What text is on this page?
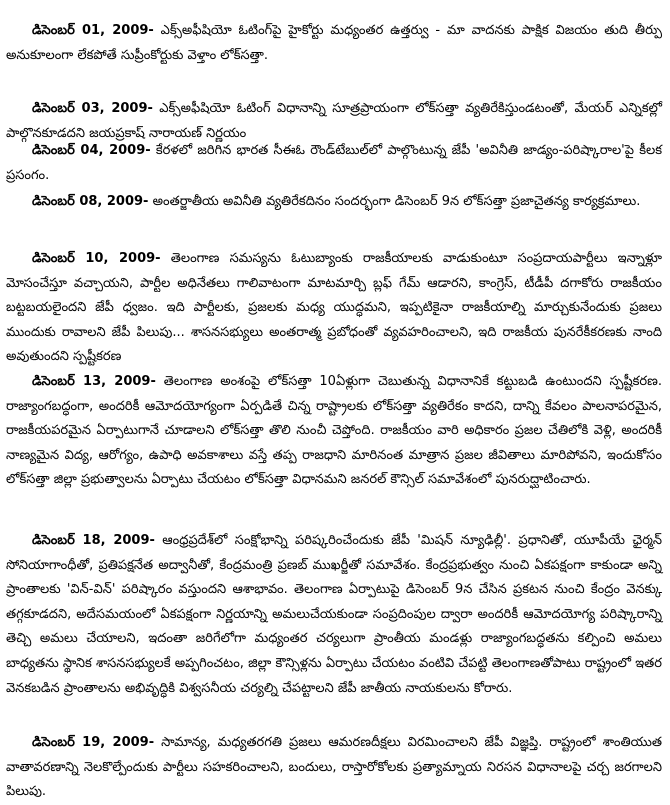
డిసెంబర్ 01, 2009- ఎక్స్‌అఫీషియో ఓటింగ్‌పై హైకోర్టు మధ్యంతర ఉత్తర్వు - మా వాదనకు పాక్షిక విజయం తుది తీర్పు అనుకూలంగా లేకపోతే సుప్రీంకోర్టుకు వెళ్తాం లోక్‌సత్తా.

డిసెంబర్ 03, 2009- ఎక్స్‌అఫీషియో ఓటింగ్ విధానాన్ని సూత్రప్రాయంగా లోక్‌సత్తా వ్యతిరేకిస్తుండటంతో, మేయర్ ఎన్నికల్లో పాల్గొనకూడదని జయప్రకాష్ నారాయణ్ నిర్ణయం

డిసెంబర్ 04, 2009- కేరళలో జరిగిన భారత సీఈఓ రౌండ్‌టేబుల్‌లో పాల్గొంటున్న జేపీ 'అవినీతి జాడ్యం-పరిష్కారాల'పై కీలక ప్రసంగం.

డిసెంబర్ 08, 2009- అంతర్జాతీయ అవినీతి వ్యతిరేకదినం సందర్భంగా డిసెంబర్ 9న లోక్‌సత్తా ప్రజాచైతన్య కార్యక్రమాలు.

డిసెంబర్ 10, 2009- తెలంగాణ సమస్యను ఓటుబ్యాంకు రాజకీయాలకు వాడుకుంటూ సంప్రదాయపార్టీలు ఇన్నాళ్లూ మోసంచేస్తూ వచ్చాయని, పార్టీల అధినేతలు గాలివాటంగా మాటమార్చి బ్లఫ్ గేమ్ ఆడారని, కాంగ్రెస్, టీడీపీ దగాకోరు రాజకీయం బట్టబయలైందని జేపీ ధ్వజం. ఇది పార్టీలకు, ప్రజలకు మధ్య యుద్ధమని, ఇప్పటికైనా రాజకీయాల్ని మార్చుకునేందుకు ప్రజలు ముందుకు రావాలని జేపీ పిలుపు... శాసనసభ్యులు అంతరాత్మ ప్రబోధంతో వ్యవహరించాలని, ఇది రాజకీయ పునరేకీకరణకు నాంది అవుతుందని స్పష్టీకరణ

డిసెంబర్ 13, 2009- తెలంగాణ అంశంపై లోక్‌సత్తా 10ఏళ్లుగా చెబుతున్న విధానానికే కట్టుబడి ఉంటుందని స్పష్టీకరణ. రాజ్యాంగబద్ధంగా, అందరికీ ఆమోదయోగ్యంగా ఏర్పడితే చిన్న రాష్ట్రాలకు లోక్‌సత్తా వ్యతిరేకం కాదని, దాన్ని కేవలం పాలనాపరమైన, రాజకీయపరమైన ఏర్పాటుగానే చూడాలని లోక్‌సత్తా తొలి నుంచీ చెప్తోంది. రాజకీయం వారి అధికారం ప్రజల చేతిలోకి వెళ్లి, అందరికీ నాణ్యమైన విద్య, ఆరోగ్యం, ఉపాధి అవకాశాలు వస్తే తప్ప రాజధాని మారినంత మాత్రాన ప్రజల జీవితాలు మారిపోవని, ఇందుకోసం లోక్‌సత్తా జిల్లా ప్రభుత్వాలను ఏర్పాటు చేయటం లోక్‌సత్తా విధానమని జనరల్ కౌన్సిల్ సమావేశంలో పునరుద్ఘాటించారు.

డిసెంబర్ 18, 2009- ఆంధ్రప్రదేశ్‌లో సంక్షోభాన్ని పరిష్కరించేందుకు జేపీ 'మిషన్ న్యూఢిల్లీ'. ప్రధానితో, యూపీయే ఛైర్మన్ సోనియాగాంధీతో, ప్రతిపక్షనేత అద్వానీతో, కేంద్రమంత్రి ప్రణబ్ ముఖర్జీతో సమావేశం. కేంద్రప్రభుత్వం నుంచి ఏకపక్షంగా కాకుండా అన్ని ప్రాంతాలకు 'విన్-విన్' పరిష్కారం వస్తుందని ఆశాభావం. తెలంగాణ ఏర్పాటుపై డిసెంబర్ 9న చేసిన ప్రకటన నుంచి కేంద్రం వెనక్కు తగ్గకూడదని, అదేసమయంలో ఏకపక్షంగా నిర్ణయాన్ని అమలుచేయకుండా సంప్రదింపుల ద్వారా అందరికీ ఆమోదయోగ్య పరిష్కారాన్ని తెచ్చి అమలు చేయాలని, ఇదంతా జరిగేలోగా మధ్యంతర చర్యలుగా ప్రాంతీయ మండళ్లు రాజ్యాంగబద్ధతను కల్పించి అమలు బాధ్యతను స్థానిక శాసనసభ్యులకే అప్పగించటం, జిల్లా కౌన్సిళ్లను ఏర్పాటు చేయటం వంటివి చేపట్టి తెలంగాణతోపాటు రాష్ట్రంలో ఇతర వెనకబడిన ప్రాంతాలను అభివృద్ధికి విశ్వసనీయ చర్యల్ని చేపట్టాలని జేపీ జాతీయ నాయకులను కోరారు.

డిసెంబర్ 19, 2009- సామాన్య, మధ్యతరగతి ప్రజలు ఆమరణదీక్షలు విరమించాలని జేపీ విజ్ఞప్తి. రాష్ట్రంలో శాంతియుత వాతావరణాన్ని నెలకొల్పేందుకు పార్టీలు సహకరించాలని, బందులు, రాస్తారోకోలకు ప్రత్యామ్నాయ నిరసన విధానాలపై చర్చ జరగాలని పిలుపు.
